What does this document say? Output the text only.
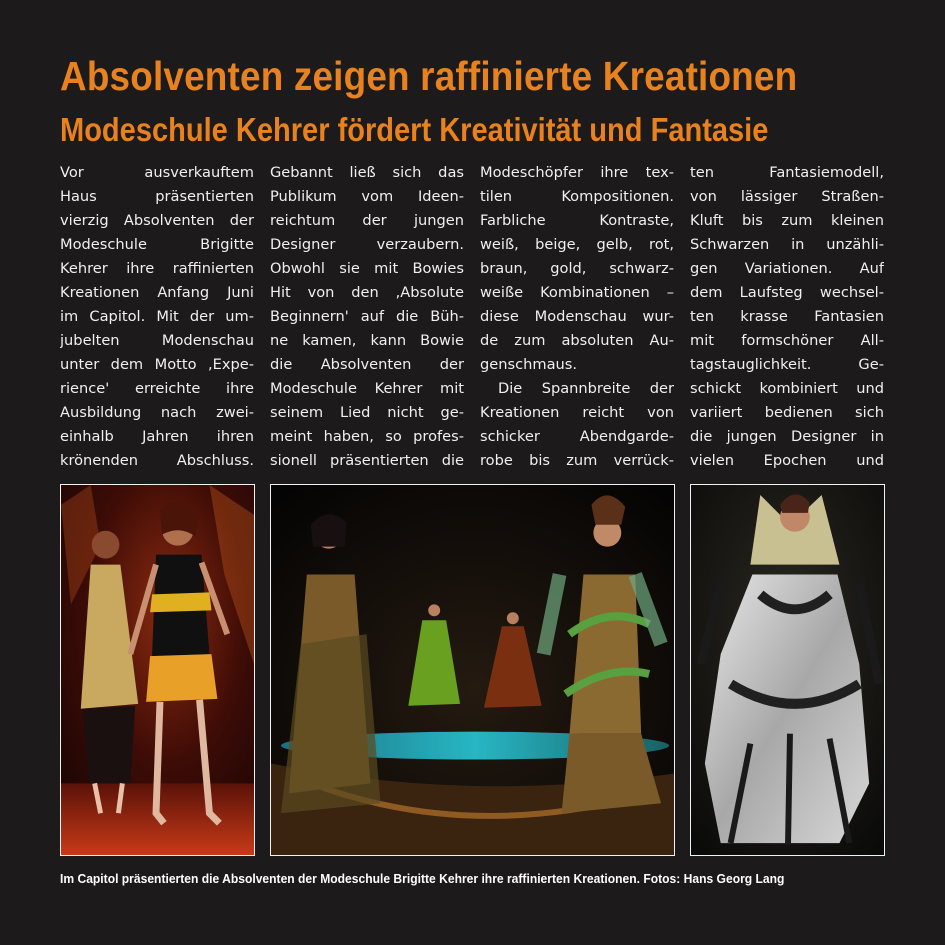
Absolventen zeigen raffinierte Kreationen
Modeschule Kehrer fördert Kreativität und Fantasie
Vor ausverkauftem
Haus präsentierten
vierzig Absolventen der
Modeschule Brigitte
Kehrer ihre raffinierten
Kreationen Anfang Juni
im Capitol. Mit der um-
jubelten Modenschau
unter dem Motto ,Expe-
rience' erreichte ihre
Ausbildung nach zwei-
einhalb Jahren ihren
krönenden Abschluss.
Gebannt ließ sich das
Publikum vom Ideen-
reichtum der jungen
Designer verzaubern.
Obwohl sie mit Bowies
Hit von den ,Absolute
Beginnern' auf die Büh-
ne kamen, kann Bowie
die Absolventen der
Modeschule Kehrer mit
seinem Lied nicht ge-
meint haben, so profes-
sionell präsentierten die
Modeschöpfer ihre tex-
tilen Kompositionen.
Farbliche Kontraste,
weiß, beige, gelb, rot,
braun, gold, schwarz-
weiße Kombinationen –
diese Modenschau wur-
de zum absoluten Au-
genschmaus.
Die Spannbreite der
Kreationen reicht von
schicker Abendgarde-
robe bis zum verrück-
ten Fantasiemodell,
von lässiger Straßen-
Kluft bis zum kleinen
Schwarzen in unzähli-
gen Variationen. Auf
dem Laufsteg wechsel-
ten krasse Fantasien
mit formschöner All-
tagstauglichkeit. Ge-
schickt kombiniert und
variiert bedienen sich
die jungen Designer in
vielen Epochen und

Im Capitol präsentierten die Absolventen der Modeschule Brigitte Kehrer ihre raffinierten Kreationen. Fotos: Hans Georg Lang
